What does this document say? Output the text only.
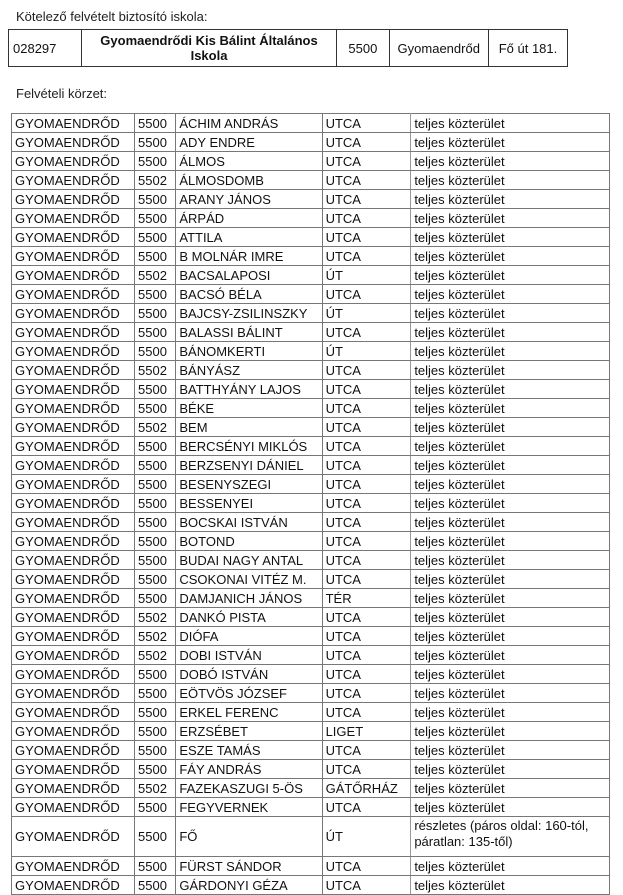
Kötelező felvételt biztosító iskola:
028297	Gyomaendrődi Kis Bálint Általános
Iskola	5500	Gyomaendrőd	Fő út 181.
Felvételi körzet:
GYOMAENDRŐD	5500	ÁCHIM ANDRÁS	UTCA	teljes közterület
GYOMAENDRŐD	5500	ADY ENDRE	UTCA	teljes közterület
GYOMAENDRŐD	5500	ÁLMOS	UTCA	teljes közterület
GYOMAENDRŐD	5502	ÁLMOSDOMB	UTCA	teljes közterület
GYOMAENDRŐD	5500	ARANY JÁNOS	UTCA	teljes közterület
GYOMAENDRŐD	5500	ÁRPÁD	UTCA	teljes közterület
GYOMAENDRŐD	5500	ATTILA	UTCA	teljes közterület
GYOMAENDRŐD	5500	B MOLNÁR IMRE	UTCA	teljes közterület
GYOMAENDRŐD	5502	BACSALAPOSI	ÚT	teljes közterület
GYOMAENDRŐD	5500	BACSÓ BÉLA	UTCA	teljes közterület
GYOMAENDRŐD	5500	BAJCSY-ZSILINSZKY	ÚT	teljes közterület
GYOMAENDRŐD	5500	BALASSI BÁLINT	UTCA	teljes közterület
GYOMAENDRŐD	5500	BÁNOMKERTI	ÚT	teljes közterület
GYOMAENDRŐD	5502	BÁNYÁSZ	UTCA	teljes közterület
GYOMAENDRŐD	5500	BATTHYÁNY LAJOS	UTCA	teljes közterület
GYOMAENDRŐD	5500	BÉKE	UTCA	teljes közterület
GYOMAENDRŐD	5502	BEM	UTCA	teljes közterület
GYOMAENDRŐD	5500	BERCSÉNYI MIKLÓS	UTCA	teljes közterület
GYOMAENDRŐD	5500	BERZSENYI DÁNIEL	UTCA	teljes közterület
GYOMAENDRŐD	5500	BESENYSZEGI	UTCA	teljes közterület
GYOMAENDRŐD	5500	BESSENYEI	UTCA	teljes közterület
GYOMAENDRŐD	5500	BOCSKAI ISTVÁN	UTCA	teljes közterület
GYOMAENDRŐD	5500	BOTOND	UTCA	teljes közterület
GYOMAENDRŐD	5500	BUDAI NAGY ANTAL	UTCA	teljes közterület
GYOMAENDRŐD	5500	CSOKONAI VITÉZ M.	UTCA	teljes közterület
GYOMAENDRŐD	5500	DAMJANICH JÁNOS	TÉR	teljes közterület
GYOMAENDRŐD	5502	DANKÓ PISTA	UTCA	teljes közterület
GYOMAENDRŐD	5502	DIÓFA	UTCA	teljes közterület
GYOMAENDRŐD	5502	DOBI ISTVÁN	UTCA	teljes közterület
GYOMAENDRŐD	5500	DOBÓ ISTVÁN	UTCA	teljes közterület
GYOMAENDRŐD	5500	EÖTVÖS JÓZSEF	UTCA	teljes közterület
GYOMAENDRŐD	5500	ERKEL FERENC	UTCA	teljes közterület
GYOMAENDRŐD	5500	ERZSÉBET	LIGET	teljes közterület
GYOMAENDRŐD	5500	ESZE TAMÁS	UTCA	teljes közterület
GYOMAENDRŐD	5500	FÁY ANDRÁS	UTCA	teljes közterület
GYOMAENDRŐD	5502	FAZEKASZUGI 5-ÖS	GÁTŐRHÁZ	teljes közterület
GYOMAENDRŐD	5500	FEGYVERNEK	UTCA	teljes közterület
GYOMAENDRŐD	5500	FŐ	ÚT	részletes (páros oldal: 160-tól, páratlan: 135-től)
GYOMAENDRŐD	5500	FÜRST SÁNDOR	UTCA	teljes közterület
GYOMAENDRŐD	5500	GÁRDONYI GÉZA	UTCA	teljes közterület
